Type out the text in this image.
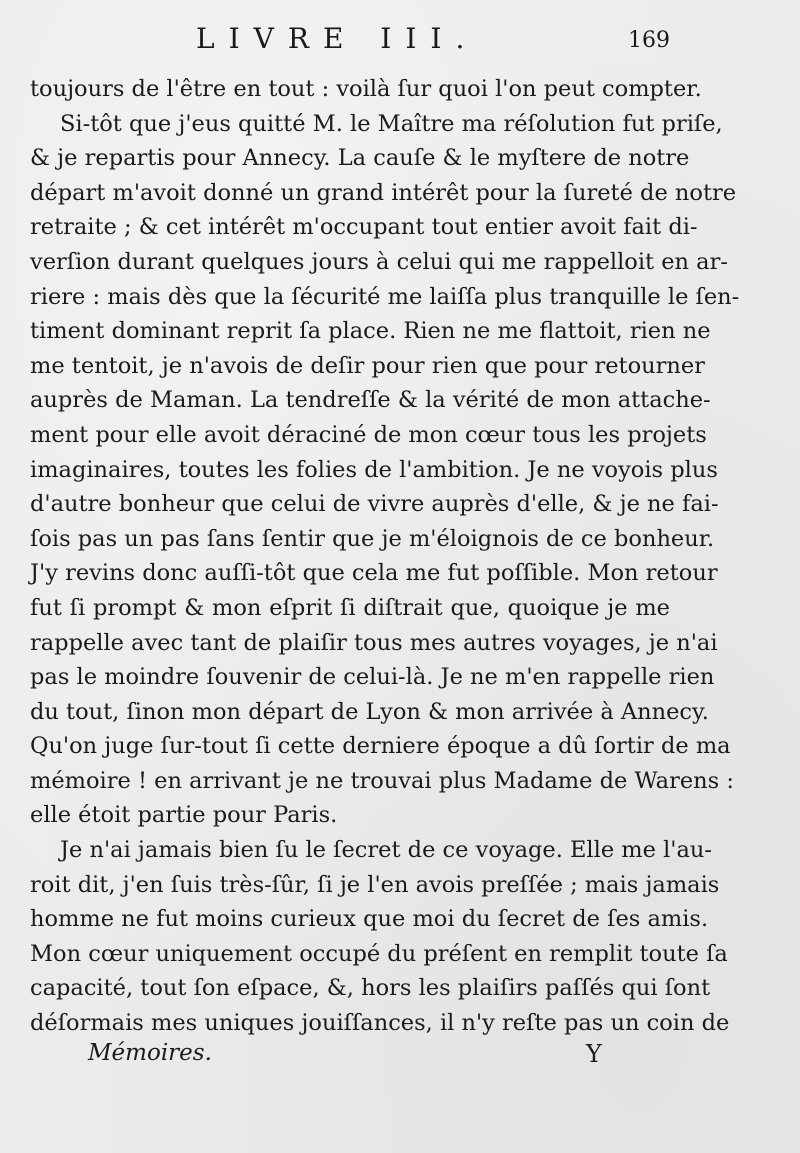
LIVRE III.	169
toujours de l'être en tout : voilà ſur quoi l'on peut compter.
Si-tôt que j'eus quitté M. le Maître ma réſolution fut priſe,
& je repartis pour Annecy. La cauſe & le myſtere de notre
départ m'avoit donné un grand intérêt pour la ſureté de notre
retraite ; & cet intérêt m'occupant tout entier avoit fait di-
verſion durant quelques jours à celui qui me rappelloit en ar-
riere : mais dès que la ſécurité me laiſſa plus tranquille le ſen-
timent dominant reprit ſa place. Rien ne me flattoit, rien ne
me tentoit, je n'avois de deſir pour rien que pour retourner
auprès de Maman. La tendreſſe & la vérité de mon attache-
ment pour elle avoit déraciné de mon cœur tous les projets
imaginaires, toutes les folies de l'ambition. Je ne voyois plus
d'autre bonheur que celui de vivre auprès d'elle, & je ne fai-
ſois pas un pas ſans ſentir que je m'éloignois de ce bonheur.
J'y revins donc auſſi-tôt que cela me fut poſſible. Mon retour
fut ſi prompt & mon eſprit ſi diſtrait que, quoique je me
rappelle avec tant de plaiſir tous mes autres voyages, je n'ai
pas le moindre ſouvenir de celui-là. Je ne m'en rappelle rien
du tout, ſinon mon départ de Lyon & mon arrivée à Annecy.
Qu'on juge ſur-tout ſi cette derniere époque a dû ſortir de ma
mémoire ! en arrivant je ne trouvai plus Madame de Warens :
elle étoit partie pour Paris.
Je n'ai jamais bien ſu le ſecret de ce voyage. Elle me l'au-
roit dit, j'en ſuis très-ſûr, ſi je l'en avois preſſée ; mais jamais
homme ne fut moins curieux que moi du ſecret de ſes amis.
Mon cœur uniquement occupé du préſent en remplit toute ſa
capacité, tout ſon eſpace, &, hors les plaiſirs paſſés qui ſont
déſormais mes uniques jouiſſances, il n'y reſte pas un coin de
Mémoires.	Y
